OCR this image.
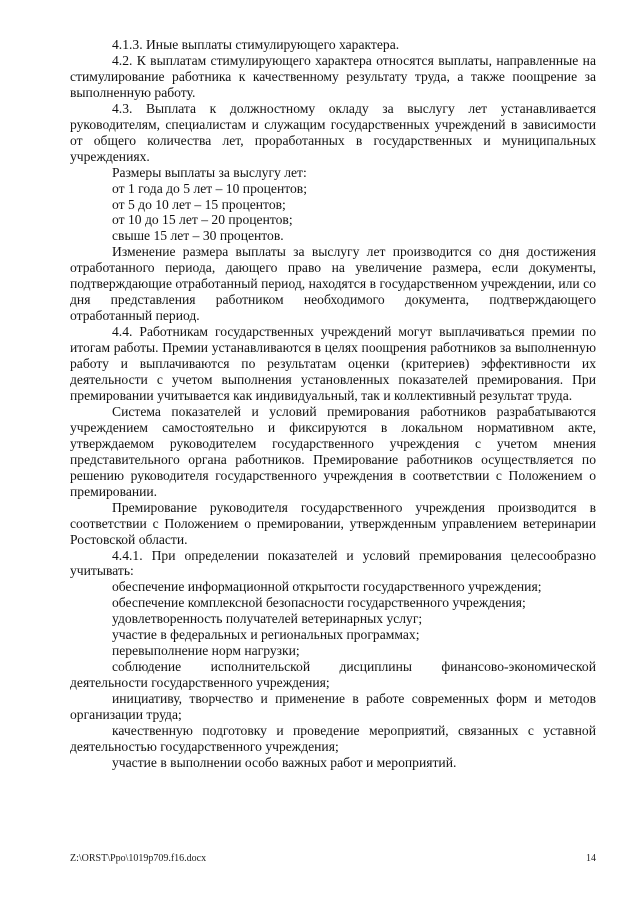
4.1.3. Иные выплаты стимулирующего характера.

4.2. К выплатам стимулирующего характера относятся выплаты, направленные на стимулирование работника к качественному результату труда, а также поощрение за выполненную работу.

4.3. Выплата к должностному окладу за выслугу лет устанавливается руководителям, специалистам и служащим государственных учреждений в зависимости от общего количества лет, проработанных в государственных и муниципальных учреждениях.

Размеры выплаты за выслугу лет:

от 1 года до 5 лет – 10 процентов;

от 5 до 10 лет – 15 процентов;

от 10 до 15 лет – 20 процентов;

свыше 15 лет – 30 процентов.

Изменение размера выплаты за выслугу лет производится со дня достижения отработанного периода, дающего право на увеличение размера, если документы, подтверждающие отработанный период, находятся в государственном учреждении, или со дня представления работником необходимого документа, подтверждающего отработанный период.

4.4. Работникам государственных учреждений могут выплачиваться премии по итогам работы. Премии устанавливаются в целях поощрения работников за выполненную работу и выплачиваются по результатам оценки (критериев) эффективности их деятельности с учетом выполнения установленных показателей премирования. При премировании учитывается как индивидуальный, так и коллективный результат труда.

Система показателей и условий премирования работников разрабатываются учреждением самостоятельно и фиксируются в локальном нормативном акте, утверждаемом руководителем государственного учреждения с учетом мнения представительного органа работников. Премирование работников осуществляется по решению руководителя государственного учреждения в соответствии с Положением о премировании.

Премирование руководителя государственного учреждения производится в соответствии с Положением о премировании, утвержденным управлением ветеринарии Ростовской области.

4.4.1. При определении показателей и условий премирования целесообразно учитывать:

обеспечение информационной открытости государственного учреждения;

обеспечение комплексной безопасности государственного учреждения;

удовлетворенность получателей ветеринарных услуг;

участие в федеральных и региональных программах;

перевыполнение норм нагрузки;

соблюдение исполнительской дисциплины финансово-экономической деятельности государственного учреждения;

инициативу, творчество и применение в работе современных форм и методов организации труда;

качественную подготовку и проведение мероприятий, связанных с уставной деятельностью государственного учреждения;

участие в выполнении особо важных работ и мероприятий.

Z:\ORST\Ppo\1019p709.f16.docx	14
